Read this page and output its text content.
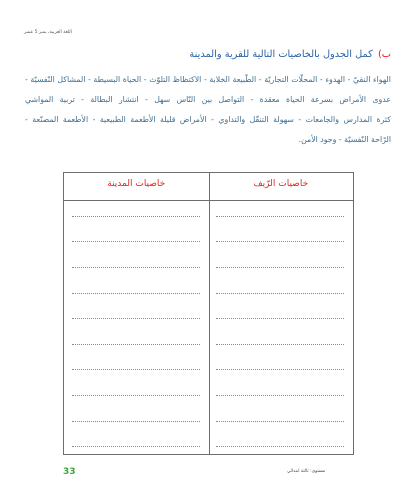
اللغة العربية، بمبر 5 عشر
ب) كمل الجدول بالخاصيات التالية للقرية والمدينة
الهواء النقيّ - الهدوء - المحلّات التجاريّة - الطّبيعة الخلابة - الاكتظاظ التلوّث - الحياة البسيطة - المشاكل النّفسيّة - عدوى الأمراض بسرعة الحياة معقدة - التواصل بين النّاس سهل - انتشار البطالة - تربية المواشي كثرة المدارس والجامعات - سهولة التنقّل والتداوي - الأمراض قليلة الأطعمة الطبيعية - الأطعمة المصنّعة - الرّاحة النّفسيّة - وجود الأمن.
خاصيات الرّيف
خاصيات المدينة
33	مستوى: ثالثة ابتدائي
